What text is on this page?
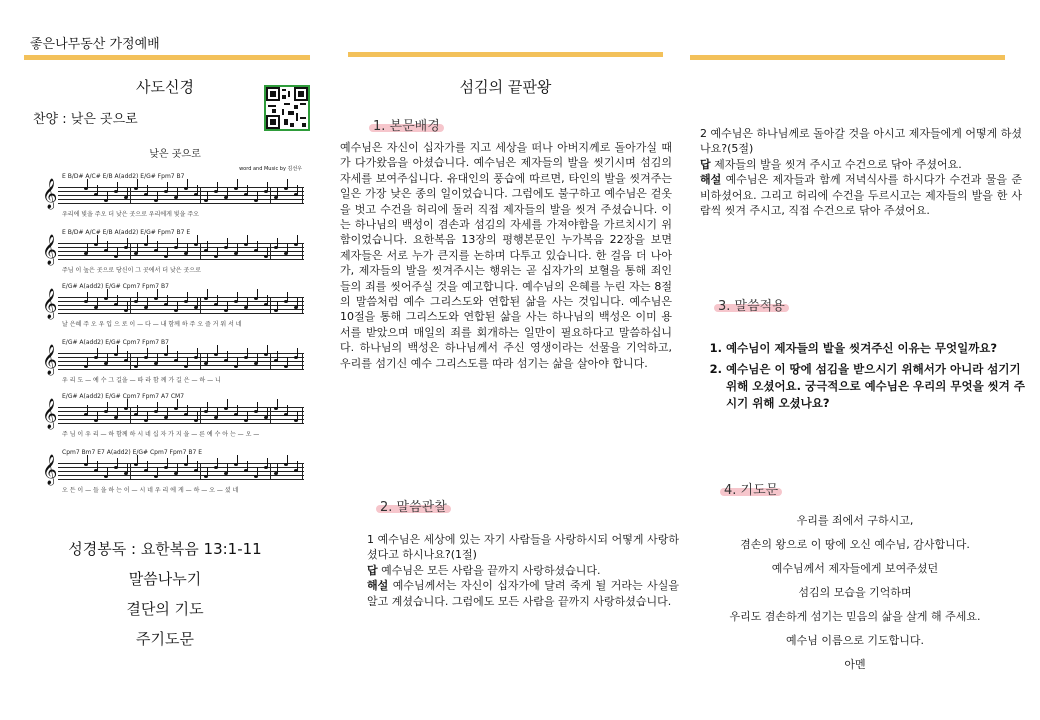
좋은나무동산 가정예배
사도신경
찬양 : 낮은 곳으로
낮은 곳으로
word and Music by 김선우
𝄞
E B/D# A/C# E/B A(add2) E/G# Fpm7 B7
우리에 빛을 주오 더 낮은 곳으로 우리에게 빛을 주오
𝄞
E B/D# A/C# E/B A(add2) E/G# Fpm7 B7 E
주님 이 높은 곳으로 당신이 그 곳에서 더 낮은 곳으로
𝄞
E/G# A(add2) E/G# Cpm7 Fpm7 B7
날 은혜 주 오 우 입 으 로 이 — 다 — 내 함께 하 주 오 즐 거 워 서 네
𝄞
E/G# A(add2) E/G# Cpm7 Fpm7 B7
우 리 도 — 예 수 그 길을 — 따 라 함 께 가 길 은 — 하 — 니
𝄞
E/G# A(add2) E/G# Cpm7 Fpm7 A7 CM7
주 님 이 우 리 — 하 함께 하 시 네 십 자 가 지 을 — 른 예 수 아 는 — 오 —
𝄞
Cpm7 Bm7 E7 A(add2) E/G# Cpm7 Fpm7 B7 E
오 든 이 — 들 을 하 는 이 — 시 네 우 리 에 게 — 하 — 오 — 셨 네
성경봉독 : 요한복음 13:1-11
말씀나누기
결단의 기도
주기도문
섬김의 끝판왕
1. 본문배경
예수님은 자신이 십자가를 지고 세상을 떠나 아버지께로 돌아가실 때가 다가왔음을 아셨습니다. 예수님은 제자들의 발을 씻기시며 섬김의 자세를 보여주십니다. 유대인의 풍습에 따르면, 타인의 발을 씻겨주는 일은 가장 낮은 종의 일이었습니다. 그럼에도 불구하고 예수님은 겉옷을 벗고 수건을 허리에 둘러 직접 제자들의 발을 씻겨 주셨습니다. 이는 하나님의 백성이 겸손과 섬김의 자세를 가져야함을 가르치시기 위함이었습니다. 요한복음 13장의 평행본문인 누가복음 22장을 보면 제자들은 서로 누가 큰지를 논하며 다투고 있습니다. 한 걸음 더 나아가, 제자들의 발을 씻겨주시는 행위는 곧 십자가의 보혈을 통해 죄인들의 죄를 씻어주실 것을 예고합니다. 예수님의 은혜를 누린 자는 8절의 말씀처럼 예수 그리스도와 연합된 삶을 사는 것입니다. 예수님은 10절을 통해 그리스도와 연합된 삶을 사는 하나님의 백성은 이미 용서를 받았으며 매일의 죄를 회개하는 일만이 필요하다고 말씀하십니다. 하나님의 백성은 하나님께서 주신 영생이라는 선물을 기억하고, 우리를 섬기신 예수 그리스도를 따라 섬기는 삶을 살아야 합니다.
2. 말씀관찰
1 예수님은 세상에 있는 자기 사람들을 사랑하시되 어떻게 사랑하셨다고 하시나요?(1절)
답 예수님은 모든 사람을 끝까지 사랑하셨습니다.
해설 예수님께서는 자신이 십자가에 달려 죽게 될 거라는 사실을 알고 계셨습니다. 그럼에도 모든 사람을 끝까지 사랑하셨습니다.
2 예수님은 하나님께로 돌아갈 것을 아시고 제자들에게 어떻게 하셨나요?(5절)
답 제자들의 발을 씻겨 주시고 수건으로 닦아 주셨어요.
해설 예수님은 제자들과 함께 저녁식사를 하시다가 수건과 물을 준비하셨어요. 그리고 허리에 수건을 두르시고는 제자들의 발을 한 사람씩 씻겨 주시고, 직접 수건으로 닦아 주셨어요.
3. 말씀적용
1. 예수님이 제자들의 발을 씻겨주신 이유는 무엇일까요?
2. 예수님은 이 땅에 섬김을 받으시기 위해서가 아니라 섬기기 위해 오셨어요. 궁극적으로 예수님은 우리의 무엇을 씻겨 주시기 위해 오셨나요?
4. 기도문
우리를 죄에서 구하시고,
겸손의 왕으로 이 땅에 오신 예수님, 감사합니다.
예수님께서 제자들에게 보여주셨던
섬김의 모습을 기억하며
우리도 겸손하게 섬기는 믿음의 삶을 살게 해 주세요.
예수님 이름으로 기도합니다.
아멘
